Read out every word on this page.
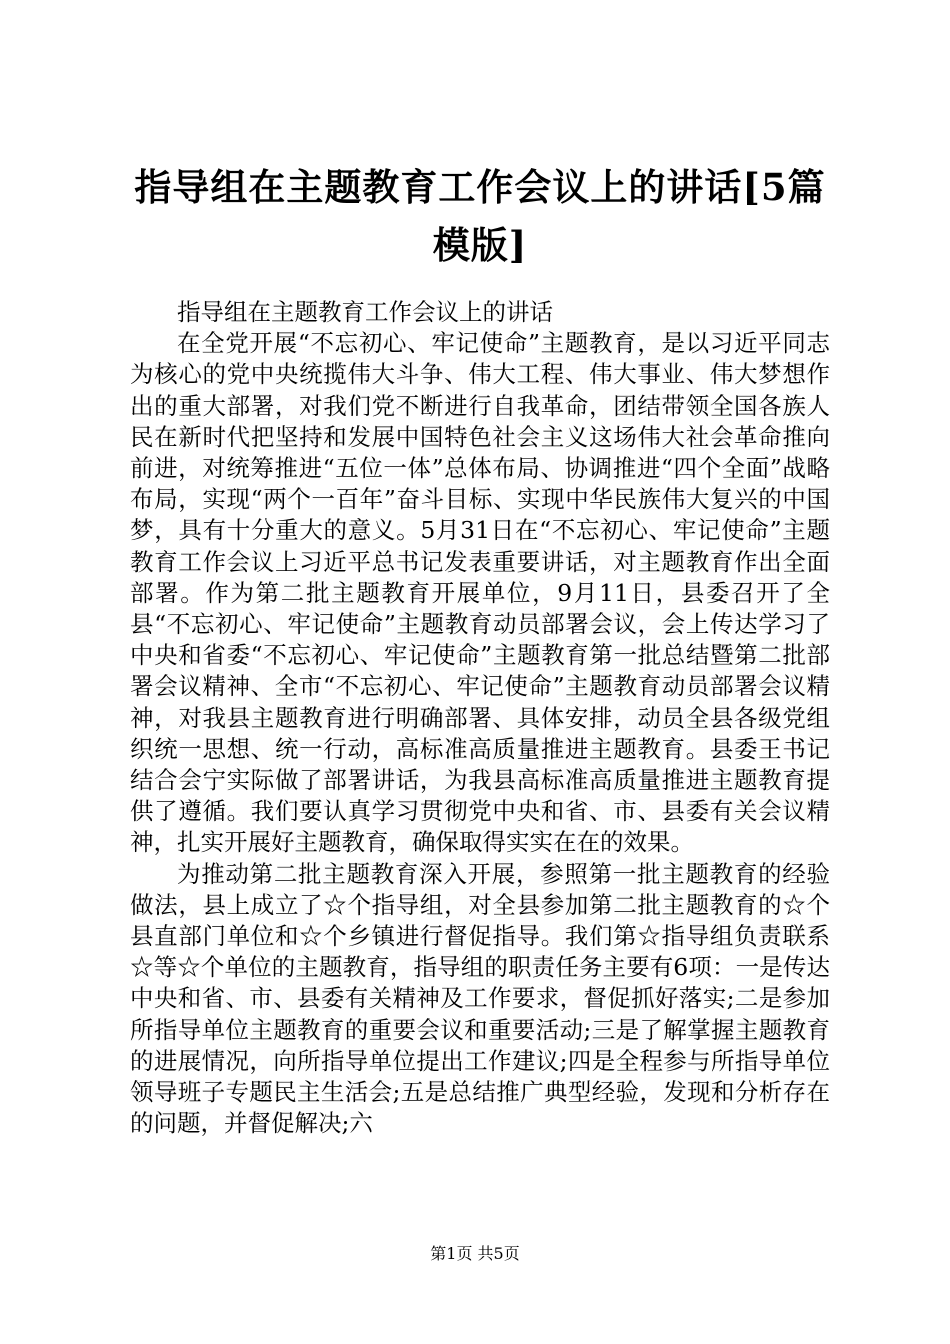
指导组在主题教育工作会议上的讲话[5篇模版]

指导组在主题教育工作会议上的讲话

在全党开展“不忘初心、牢记使命”主题教育，是以习近平同志为核心的党中央统揽伟大斗争、伟大工程、伟大事业、伟大梦想作出的重大部署，对我们党不断进行自我革命，团结带领全国各族人民在新时代把坚持和发展中国特色社会主义这场伟大社会革命推向前进，对统筹推进“五位一体”总体布局、协调推进“四个全面”战略布局，实现“两个一百年”奋斗目标、实现中华民族伟大复兴的中国梦，具有十分重大的意义。5月31日在“不忘初心、牢记使命”主题教育工作会议上习近平总书记发表重要讲话，对主题教育作出全面部署。作为第二批主题教育开展单位，9月11日，县委召开了全县“不忘初心、牢记使命”主题教育动员部署会议，会上传达学习了中央和省委“不忘初心、牢记使命”主题教育第一批总结暨第二批部署会议精神、全市“不忘初心、牢记使命”主题教育动员部署会议精神，对我县主题教育进行明确部署、具体安排，动员全县各级党组织统一思想、统一行动，高标准高质量推进主题教育。县委王书记结合会宁实际做了部署讲话，为我县高标准高质量推进主题教育提供了遵循。我们要认真学习贯彻党中央和省、市、县委有关会议精神，扎实开展好主题教育，确保取得实实在在的效果。

为推动第二批主题教育深入开展，参照第一批主题教育的经验做法，县上成立了☆个指导组，对全县参加第二批主题教育的☆个县直部门单位和☆个乡镇进行督促指导。我们第☆指导组负责联系☆等☆个单位的主题教育，指导组的职责任务主要有6项：一是传达中央和省、市、县委有关精神及工作要求，督促抓好落实;二是参加所指导单位主题教育的重要会议和重要活动;三是了解掌握主题教育的进展情况，向所指导单位提出工作建议;四是全程参与所指导单位领导班子专题民主生活会;五是总结推广典型经验，发现和分析存在的问题，并督促解决;六

第1页 共5页
